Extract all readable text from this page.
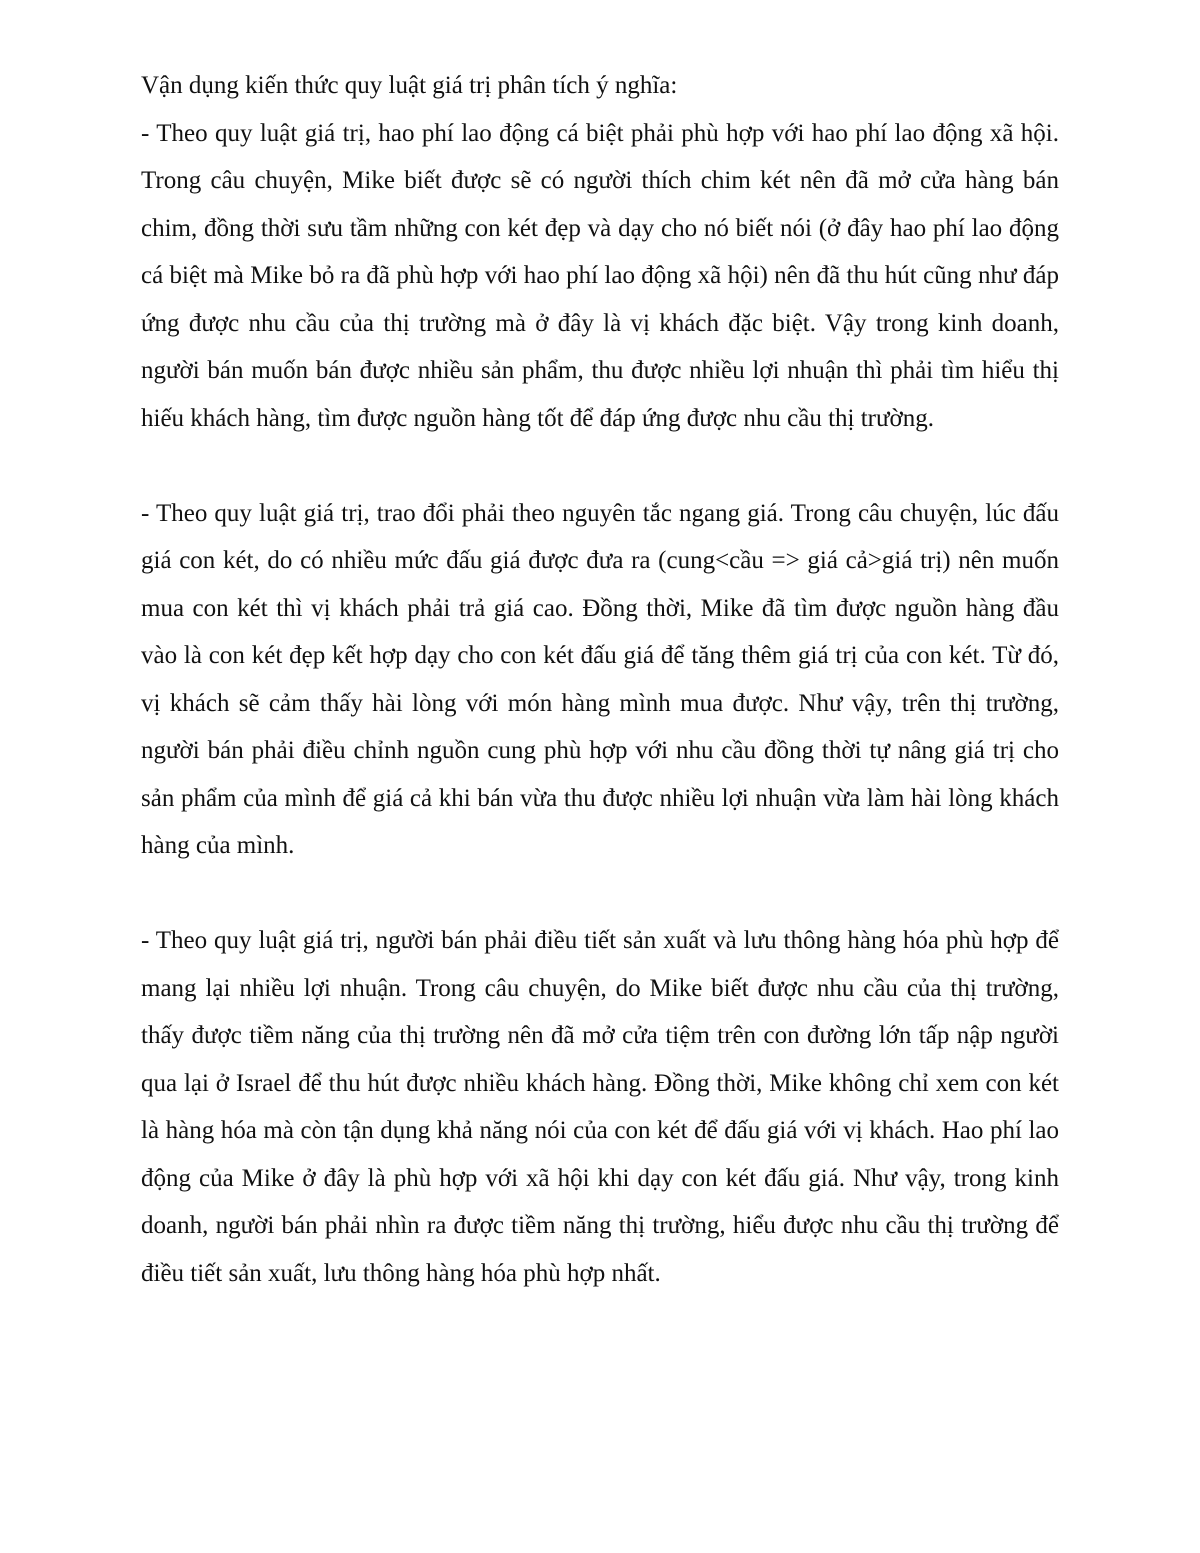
Vận dụng kiến thức quy luật giá trị phân tích ý nghĩa:

- Theo quy luật giá trị, hao phí lao động cá biệt phải phù hợp với hao phí lao động xã hội. Trong câu chuyện, Mike biết được sẽ có người thích chim két nên đã mở cửa hàng bán chim, đồng thời sưu tầm những con két đẹp và dạy cho nó biết nói (ở đây hao phí lao động cá biệt mà Mike bỏ ra đã phù hợp với hao phí lao động xã hội) nên đã thu hút cũng như đáp ứng được nhu cầu của thị trường mà ở đây là vị khách đặc biệt. Vậy trong kinh doanh, người bán muốn bán được nhiều sản phẩm, thu được nhiều lợi nhuận thì phải tìm hiểu thị hiếu khách hàng, tìm được nguồn hàng tốt để đáp ứng được nhu cầu thị trường.

- Theo quy luật giá trị, trao đổi phải theo nguyên tắc ngang giá. Trong câu chuyện, lúc đấu giá con két, do có nhiều mức đấu giá được đưa ra (cung<cầu => giá cả>giá trị) nên muốn mua con két thì vị khách phải trả giá cao. Đồng thời, Mike đã tìm được nguồn hàng đầu vào là con két đẹp kết hợp dạy cho con két đấu giá để tăng thêm giá trị của con két. Từ đó, vị khách sẽ cảm thấy hài lòng với món hàng mình mua được. Như vậy, trên thị trường, người bán phải điều chỉnh nguồn cung phù hợp với nhu cầu đồng thời tự nâng giá trị cho sản phẩm của mình để giá cả khi bán vừa thu được nhiều lợi nhuận vừa làm hài lòng khách hàng của mình.

- Theo quy luật giá trị, người bán phải điều tiết sản xuất và lưu thông hàng hóa phù hợp để mang lại nhiều lợi nhuận. Trong câu chuyện, do Mike biết được nhu cầu của thị trường, thấy được tiềm năng của thị trường nên đã mở cửa tiệm trên con đường lớn tấp nập người qua lại ở Israel để thu hút được nhiều khách hàng. Đồng thời, Mike không chỉ xem con két là hàng hóa mà còn tận dụng khả năng nói của con két để đấu giá với vị khách. Hao phí lao động của Mike ở đây là phù hợp với xã hội khi dạy con két đấu giá. Như vậy, trong kinh doanh, người bán phải nhìn ra được tiềm năng thị trường, hiểu được nhu cầu thị trường để điều tiết sản xuất, lưu thông hàng hóa phù hợp nhất.
